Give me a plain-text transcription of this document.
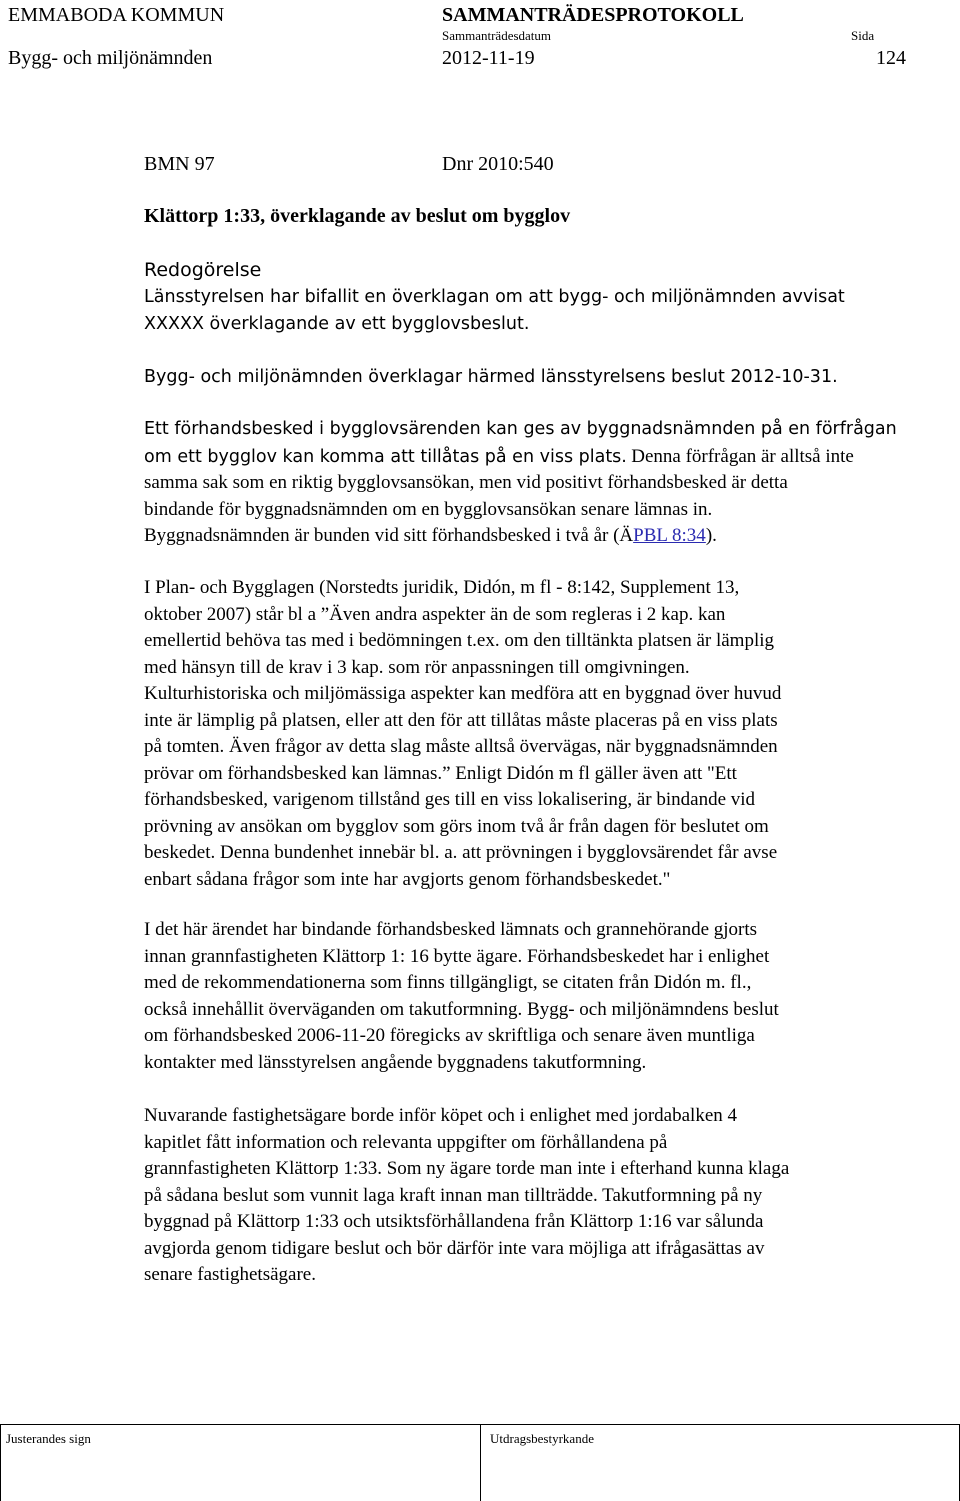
EMMABODA KOMMUN	SAMMANTRÄDESPROTOKOLL
Sammanträdesdatum	Sida
Bygg- och miljönämnden	2012-11-19	124
BMN 97	Dnr 2010:540
Klättorp 1:33, överklagande av beslut om bygglov
Redogörelse
Länsstyrelsen har bifallit en överklagan om att bygg- och miljönämnden avvisat
XXXXX överklagande av ett bygglovsbeslut.
Bygg- och miljönämnden överklagar härmed länsstyrelsens beslut 2012-10-31.
Ett förhandsbesked i bygglovsärenden kan ges av byggnadsnämnden på en förfrågan
om ett bygglov kan komma att tillåtas på en viss plats. Denna förfrågan är alltså inte
samma sak som en riktig bygglovsansökan, men vid positivt förhandsbesked är detta
bindande för byggnadsnämnden om en bygglovsansökan senare lämnas in.
Byggnadsnämnden är bunden vid sitt förhandsbesked i två år (ÄPBL 8:34).
I Plan- och Bygglagen (Norstedts juridik, Didón, m fl - 8:142, Supplement 13,
oktober 2007) står bl a ”Även andra aspekter än de som regleras i 2 kap. kan
emellertid behöva tas med i bedömningen t.ex. om den tilltänkta platsen är lämplig
med hänsyn till de krav i 3 kap. som rör anpassningen till omgivningen.
Kulturhistoriska och miljömässiga aspekter kan medföra att en byggnad över huvud
inte är lämplig på platsen, eller att den för att tillåtas måste placeras på en viss plats
på tomten. Även frågor av detta slag måste alltså övervägas, när byggnadsnämnden
prövar om förhandsbesked kan lämnas.” Enligt Didón m fl gäller även att "Ett
förhandsbesked, varigenom tillstånd ges till en viss lokalisering, är bindande vid
prövning av ansökan om bygglov som görs inom två år från dagen för beslutet om
beskedet. Denna bundenhet innebär bl. a. att prövningen i bygglovsärendet får avse
enbart sådana frågor som inte har avgjorts genom förhandsbeskedet."
I det här ärendet har bindande förhandsbesked lämnats och grannehörande gjorts
innan grannfastigheten Klättorp 1: 16 bytte ägare. Förhandsbeskedet har i enlighet
med de rekommendationerna som finns tillgängligt, se citaten från Didón m. fl.,
också innehållit överväganden om takutformning. Bygg- och miljönämndens beslut
om förhandsbesked 2006-11-20 föregicks av skriftliga och senare även muntliga
kontakter med länsstyrelsen angående byggnadens takutformning.
Nuvarande fastighetsägare borde inför köpet och i enlighet med jordabalken 4
kapitlet fått information och relevanta uppgifter om förhållandena på
grannfastigheten Klättorp 1:33. Som ny ägare torde man inte i efterhand kunna klaga
på sådana beslut som vunnit laga kraft innan man tillträdde. Takutformning på ny
byggnad på Klättorp 1:33 och utsiktsförhållandena från Klättorp 1:16 var sålunda
avgjorda genom tidigare beslut och bör därför inte vara möjliga att ifrågasättas av
senare fastighetsägare.
Justerandes sign	Utdragsbestyrkande
